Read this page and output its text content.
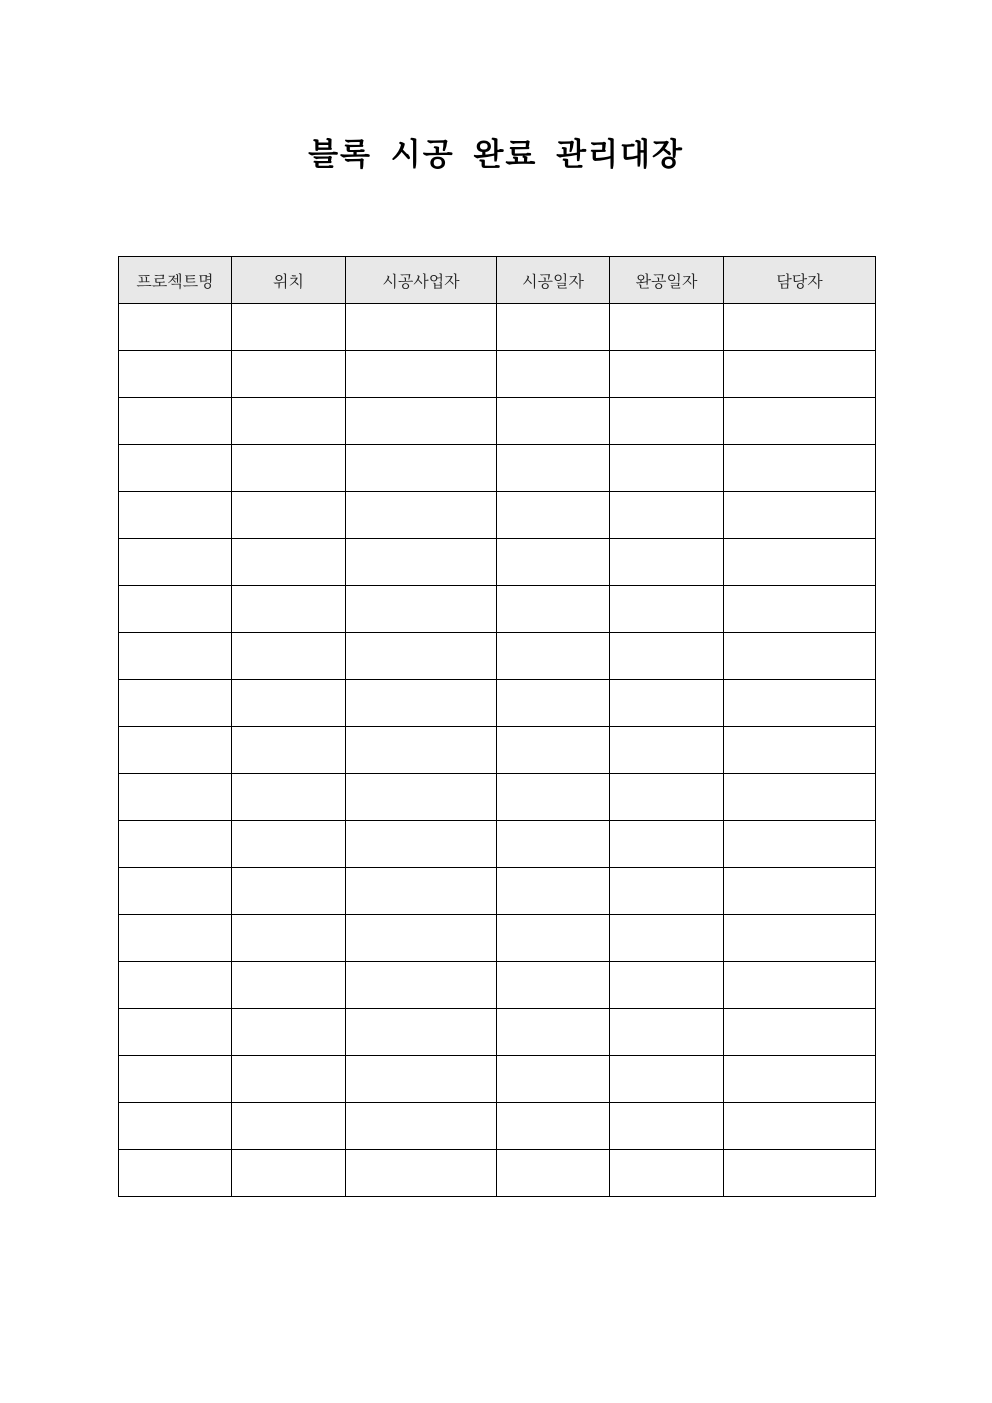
블록 시공 완료 관리대장
프로젝트명	위치	시공사업자	시공일자	완공일자	담당자
